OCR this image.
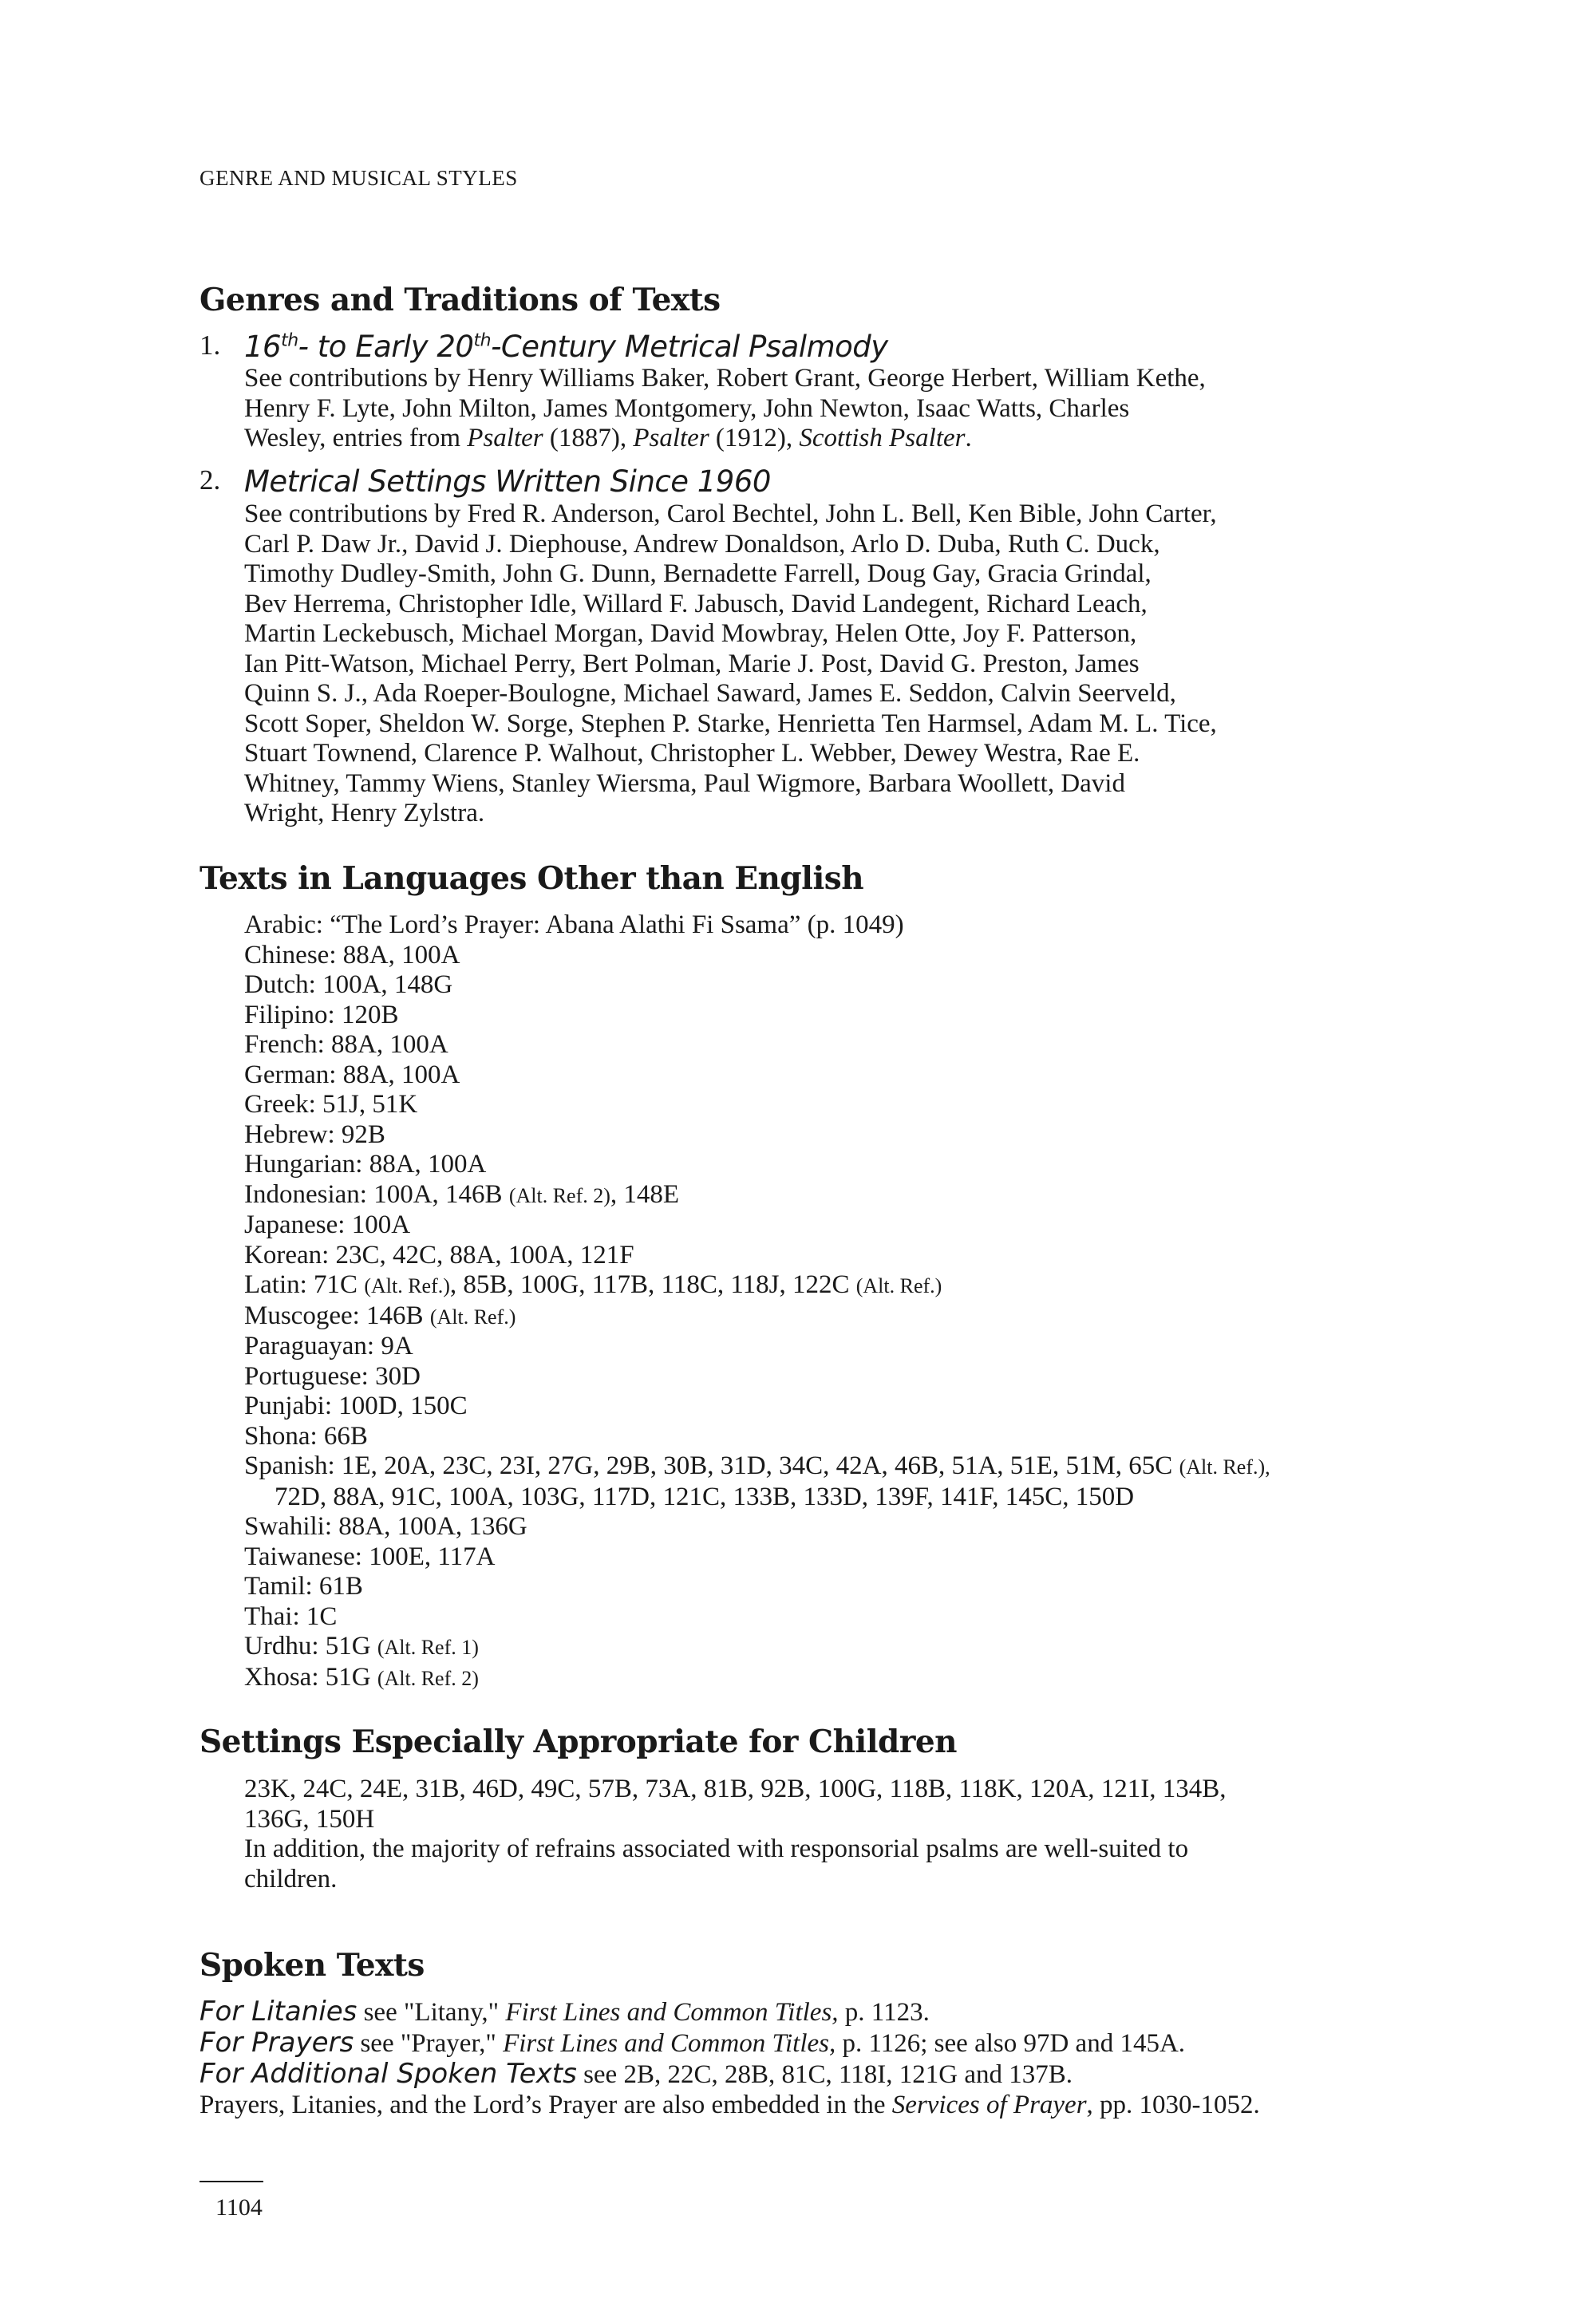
GENRE AND MUSICAL STYLES
Genres and Traditions of Texts
1. 16th- to Early 20th-Century Metrical Psalmody
See contributions by Henry Williams Baker, Robert Grant, George Herbert, William Kethe,
Henry F. Lyte, John Milton, James Montgomery, John Newton, Isaac Watts, Charles
Wesley, entries from Psalter (1887), Psalter (1912), Scottish Psalter.
2. Metrical Settings Written Since 1960
See contributions by Fred R. Anderson, Carol Bechtel, John L. Bell, Ken Bible, John Carter,
Carl P. Daw Jr., David J. Diephouse, Andrew Donaldson, Arlo D. Duba, Ruth C. Duck,
Timothy Dudley-Smith, John G. Dunn, Bernadette Farrell, Doug Gay, Gracia Grindal,
Bev Herrema, Christopher Idle, Willard F. Jabusch, David Landegent, Richard Leach,
Martin Leckebusch, Michael Morgan, David Mowbray, Helen Otte, Joy F. Patterson,
Ian Pitt-Watson, Michael Perry, Bert Polman, Marie J. Post, David G. Preston, James
Quinn S. J., Ada Roeper-Boulogne, Michael Saward, James E. Seddon, Calvin Seerveld,
Scott Soper, Sheldon W. Sorge, Stephen P. Starke, Henrietta Ten Harmsel, Adam M. L. Tice,
Stuart Townend, Clarence P. Walhout, Christopher L. Webber, Dewey Westra, Rae E.
Whitney, Tammy Wiens, Stanley Wiersma, Paul Wigmore, Barbara Woollett, David
Wright, Henry Zylstra.
Texts in Languages Other than English
Arabic: “The Lord’s Prayer: Abana Alathi Fi Ssama” (p. 1049)
Chinese: 88A, 100A
Dutch: 100A, 148G
Filipino: 120B
French: 88A, 100A
German: 88A, 100A
Greek: 51J, 51K
Hebrew: 92B
Hungarian: 88A, 100A
Indonesian: 100A, 146B (Alt. Ref. 2), 148E
Japanese: 100A
Korean: 23C, 42C, 88A, 100A, 121F
Latin: 71C (Alt. Ref.), 85B, 100G, 117B, 118C, 118J, 122C (Alt. Ref.)
Muscogee: 146B (Alt. Ref.)
Paraguayan: 9A
Portuguese: 30D
Punjabi: 100D, 150C
Shona: 66B
Spanish: 1E, 20A, 23C, 23I, 27G, 29B, 30B, 31D, 34C, 42A, 46B, 51A, 51E, 51M, 65C (Alt. Ref.),
72D, 88A, 91C, 100A, 103G, 117D, 121C, 133B, 133D, 139F, 141F, 145C, 150D
Swahili: 88A, 100A, 136G
Taiwanese: 100E, 117A
Tamil: 61B
Thai: 1C
Urdhu: 51G (Alt. Ref. 1)
Xhosa: 51G (Alt. Ref. 2)
Settings Especially Appropriate for Children
23K, 24C, 24E, 31B, 46D, 49C, 57B, 73A, 81B, 92B, 100G, 118B, 118K, 120A, 121I, 134B,
136G, 150H
In addition, the majority of refrains associated with responsorial psalms are well-suited to
children.
Spoken Texts
For Litanies see "Litany," First Lines and Common Titles, p. 1123.
For Prayers see "Prayer," First Lines and Common Titles, p. 1126; see also 97D and 145A.
For Additional Spoken Texts see 2B, 22C, 28B, 81C, 118I, 121G and 137B.
Prayers, Litanies, and the Lord’s Prayer are also embedded in the Services of Prayer, pp. 1030-1052.
1104
